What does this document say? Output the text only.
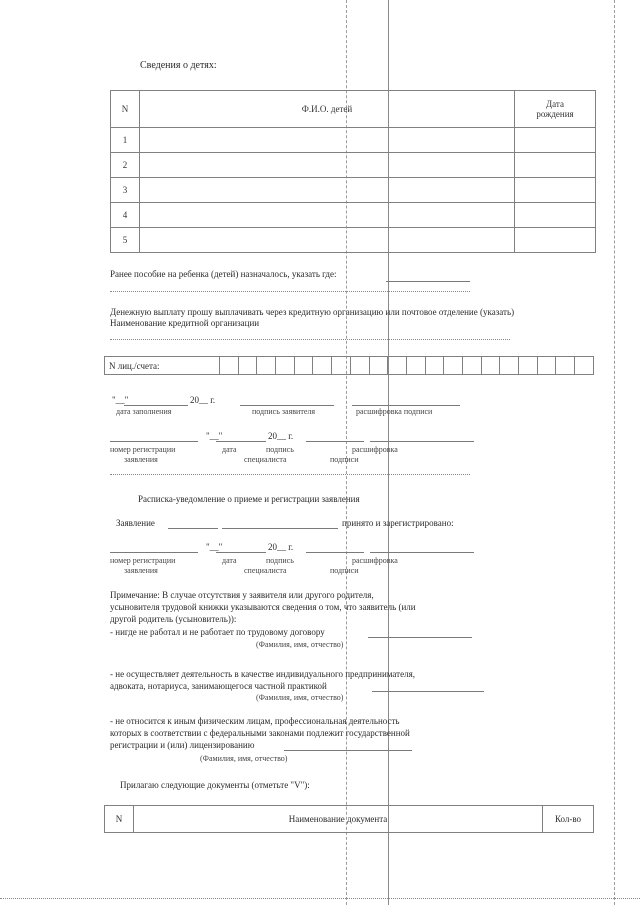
Сведения о детях:
N	Ф.И.О. детей	Дата
рождения

1		
2		
3		
4		
5		
Ранее пособие на ребенка (детей) назначалось, указать где:
Денежную выплату прошу выплачивать через кредитную организацию или почтовое отделение (указать)
Наименование кредитной организации
N лиц./счета:																				
"__"	20__ г.
дата заполнения	подпись заявителя	расшифровка подписи
"__"	20__ г.
номер регистрации
заявления
дата	подпись
специалиста
расшифровка
подписи
Расписка-уведомление о приеме и регистрации заявления
Заявление	принято и зарегистрировано:
"__"	20__ г.
номер регистрации
заявления
дата	подпись
специалиста
расшифровка
подписи
Примечание: В случае отсутствия у заявителя или другого родителя,
усыновителя трудовой книжки указываются сведения о том, что заявитель (или
другой родитель (усыновитель)):
- нигде не работал и не работает по трудовому договору
(Фамилия, имя, отчество)
- не осуществляет деятельность в качестве индивидуального предпринимателя,
адвоката, нотариуса, занимающегося частной практикой
(Фамилия, имя, отчество)
- не относится к иным физическим лицам, профессиональная деятельность
которых в соответствии с федеральными законами подлежит государственной
регистрации и (или) лицензированию
(Фамилия, имя, отчество)
Прилагаю следующие документы (отметьте "V"):
N	Наименование документа	Кол-во
